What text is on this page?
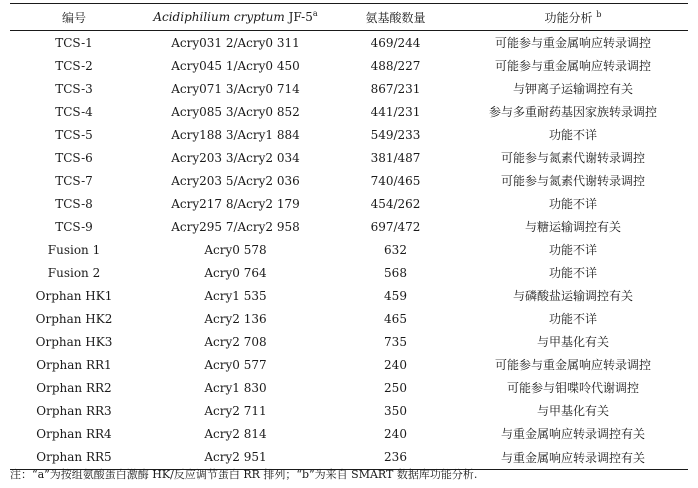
编号	Acidiphilium cryptum JF-5$^a$	氨基酸数量	功能分析 $^b$
TCS-1	Acry031 2/Acry0 311	469/244	可能参与重金属响应转录调控
TCS-2	Acry045 1/Acry0 450	488/227	可能参与重金属响应转录调控
TCS-3	Acry071 3/Acry0 714	867/231	与钾离子运输调控有关
TCS-4	Acry085 3/Acry0 852	441/231	参与多重耐药基因家族转录调控
TCS-5	Acry188 3/Acry1 884	549/233	功能不详
TCS-6	Acry203 3/Acry2 034	381/487	可能参与氮素代谢转录调控
TCS-7	Acry203 5/Acry2 036	740/465	可能参与氮素代谢转录调控
TCS-8	Acry217 8/Acry2 179	454/262	功能不详
TCS-9	Acry295 7/Acry2 958	697/472	与糖运输调控有关
Fusion 1	Acry0 578	632	功能不详
Fusion 2	Acry0 764	568	功能不详
Orphan HK1	Acry1 535	459	与磷酸盐运输调控有关
Orphan HK2	Acry2 136	465	功能不详
Orphan HK3	Acry2 708	735	与甲基化有关
Orphan RR1	Acry0 577	240	可能参与重金属响应转录调控
Orphan RR2	Acry1 830	250	可能参与钼喋呤代谢调控
Orphan RR3	Acry2 711	350	与甲基化有关
Orphan RR4	Acry2 814	240	与重金属响应转录调控有关
Orphan RR5	Acry2 951	236	与重金属响应转录调控有关
注：“a”为按组氨酸蛋白激酶 HK/反应调节蛋白 RR 排列；“b”为来自 SMART 数据库功能分析.
